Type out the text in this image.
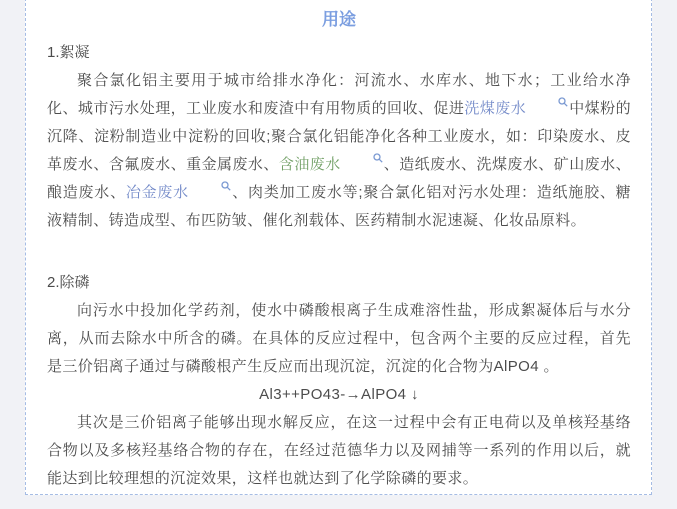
用途
1.絮凝

聚合氯化铝主要用于城市给排水净化：河流水、水库水、地下水；工业给水净化、城市污水处理，工业废水和废渣中有用物质的回收、促进洗煤废水	中煤粉的沉降、淀粉制造业中淀粉的回收;聚合氯化铝能净化各种工业废水，如：印染废水、皮革废水、含氟废水、重金属废水、含油废水	、造纸废水、洗煤废水、矿山废水、酿造废水、冶金废水	、肉类加工废水等;聚合氯化铝对污水处理：造纸施胶、糖液精制、铸造成型、布匹防皱、催化剂载体、医药精制水泥速凝、化妆品原料。

2.除磷

向污水中投加化学药剂，使水中磷酸根离子生成难溶性盐，形成絮凝体后与水分离，从而去除水中所含的磷。在具体的反应过程中，包含两个主要的反应过程，首先是三价铝离子通过与磷酸根产生反应而出现沉淀，沉淀的化合物为AlPO4 。

Al3++PO43-→AlPO4 ↓

其次是三价铝离子能够出现水解反应，在这一过程中会有正电荷以及单核羟基络合物以及多核羟基络合物的存在，在经过范德华力以及网捕等一系列的作用以后，就能达到比较理想的沉淀效果，这样也就达到了化学除磷的要求。
